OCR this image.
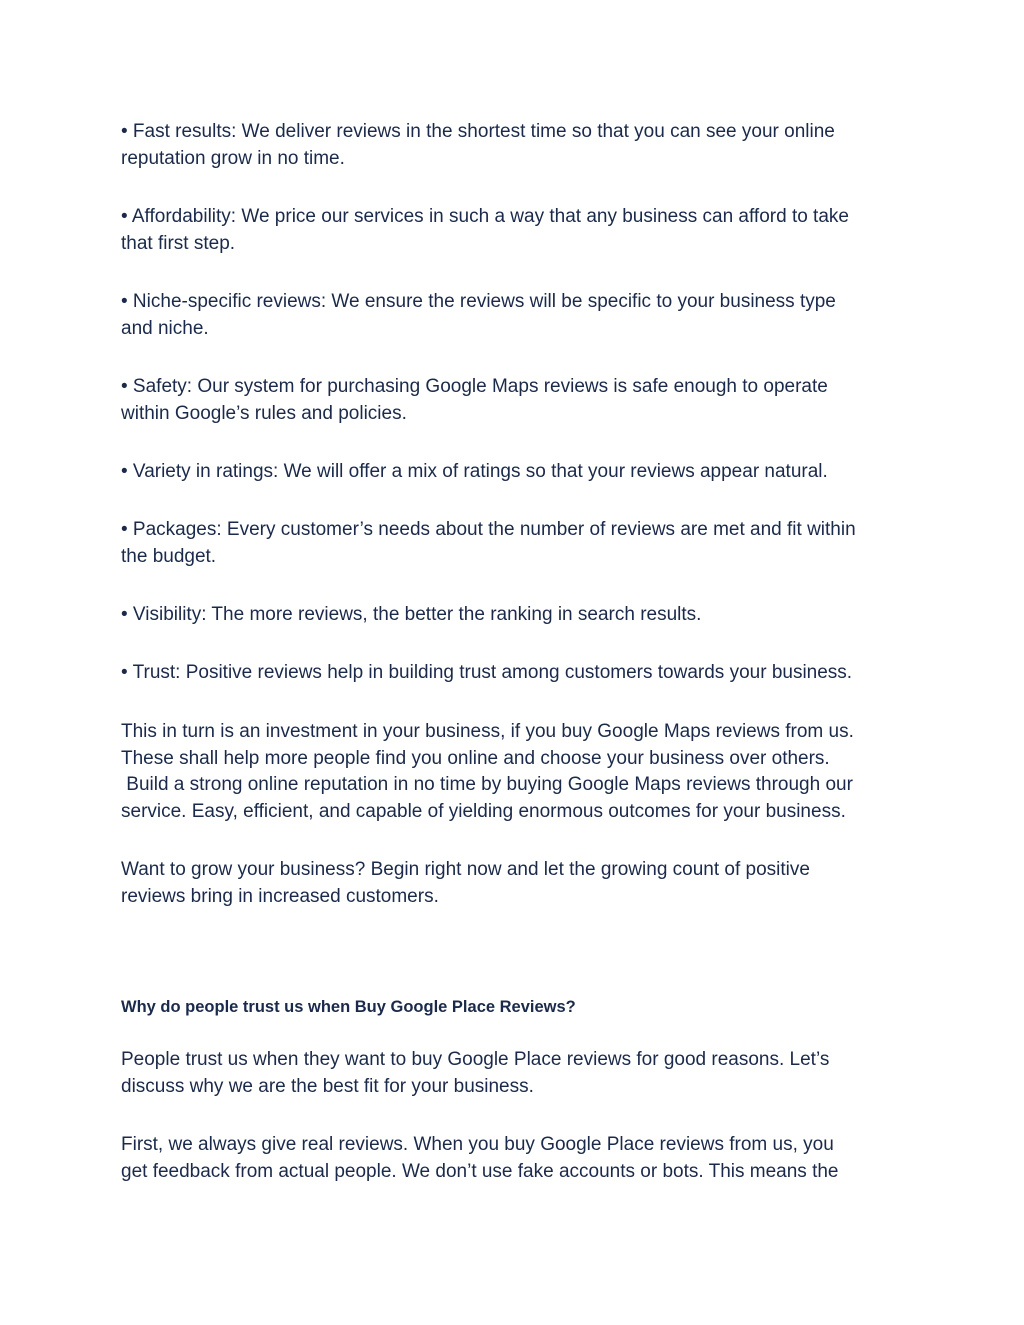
• Fast results: We deliver reviews in the shortest time so that you can see your online
reputation grow in no time.

• Affordability: We price our services in such a way that any business can afford to take
that first step.

• Niche-specific reviews: We ensure the reviews will be specific to your business type
and niche.

• Safety: Our system for purchasing Google Maps reviews is safe enough to operate
within Google’s rules and policies.

• Variety in ratings: We will offer a mix of ratings so that your reviews appear natural.

• Packages: Every customer’s needs about the number of reviews are met and fit within
the budget.

• Visibility: The more reviews, the better the ranking in search results.

• Trust: Positive reviews help in building trust among customers towards your business.

This in turn is an investment in your business, if you buy Google Maps reviews from us.
These shall help more people find you online and choose your business over others.
Build a strong online reputation in no time by buying Google Maps reviews through our
service. Easy, efficient, and capable of yielding enormous outcomes for your business.

Want to grow your business? Begin right now and let the growing count of positive
reviews bring in increased customers.

Why do people trust us when Buy Google Place Reviews?

People trust us when they want to buy Google Place reviews for good reasons. Let’s
discuss why we are the best fit for your business.

First, we always give real reviews. When you buy Google Place reviews from us, you
get feedback from actual people. We don’t use fake accounts or bots. This means the
